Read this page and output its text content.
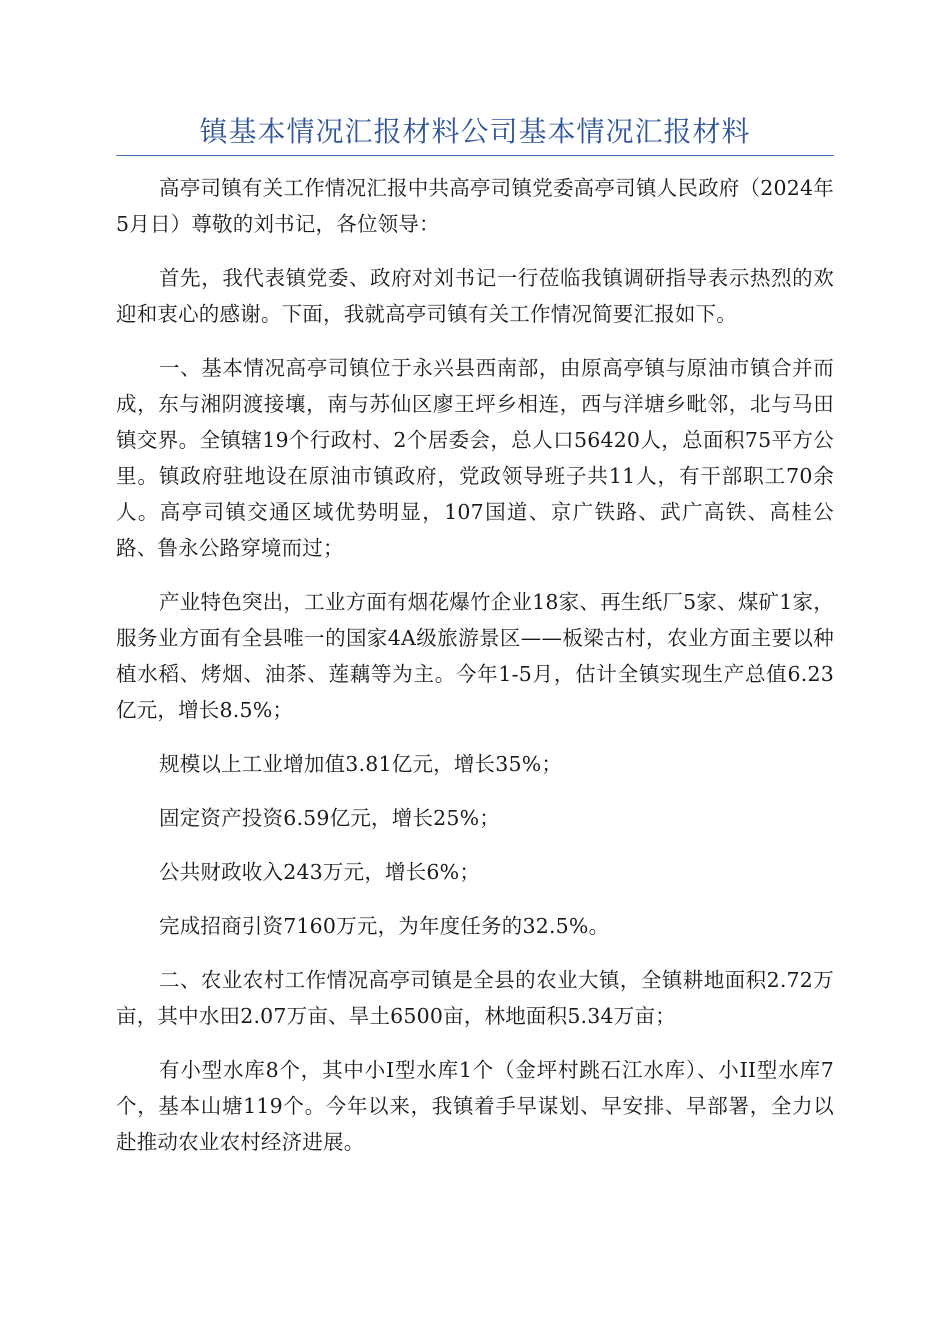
镇基本情况汇报材料公司基本情况汇报材料

高亭司镇有关工作情况汇报中共高亭司镇党委高亭司镇人民政府（2024年5月日）尊敬的刘书记，各位领导：

首先，我代表镇党委、政府对刘书记一行莅临我镇调研指导表示热烈的欢迎和衷心的感谢。下面，我就高亭司镇有关工作情况简要汇报如下。

一、基本情况高亭司镇位于永兴县西南部，由原高亭镇与原油市镇合并而成，东与湘阴渡接壤，南与苏仙区廖王坪乡相连，西与洋塘乡毗邻，北与马田镇交界。全镇辖19个行政村、2个居委会，总人口56420人，总面积75平方公里。镇政府驻地设在原油市镇政府，党政领导班子共11人，有干部职工70余人。高亭司镇交通区域优势明显，107国道、京广铁路、武广高铁、高桂公路、鲁永公路穿境而过；

产业特色突出，工业方面有烟花爆竹企业18家、再生纸厂5家、煤矿1家，服务业方面有全县唯一的国家4A级旅游景区——板梁古村，农业方面主要以种植水稻、烤烟、油茶、莲藕等为主。今年1-5月，估计全镇实现生产总值6.23亿元，增长8.5%；

规模以上工业增加值3.81亿元，增长35%；

固定资产投资6.59亿元，增长25%；

公共财政收入243万元，增长6%；

完成招商引资7160万元，为年度任务的32.5%。

二、农业农村工作情况高亭司镇是全县的农业大镇，全镇耕地面积2.72万亩，其中水田2.07万亩、旱土6500亩，林地面积5.34万亩；

有小型水库8个，其中小Ⅰ型水库1个（金坪村跳石江水库）、小II型水库7个，基本山塘119个。今年以来，我镇着手早谋划、早安排、早部署，全力以赴推动农业农村经济进展。
